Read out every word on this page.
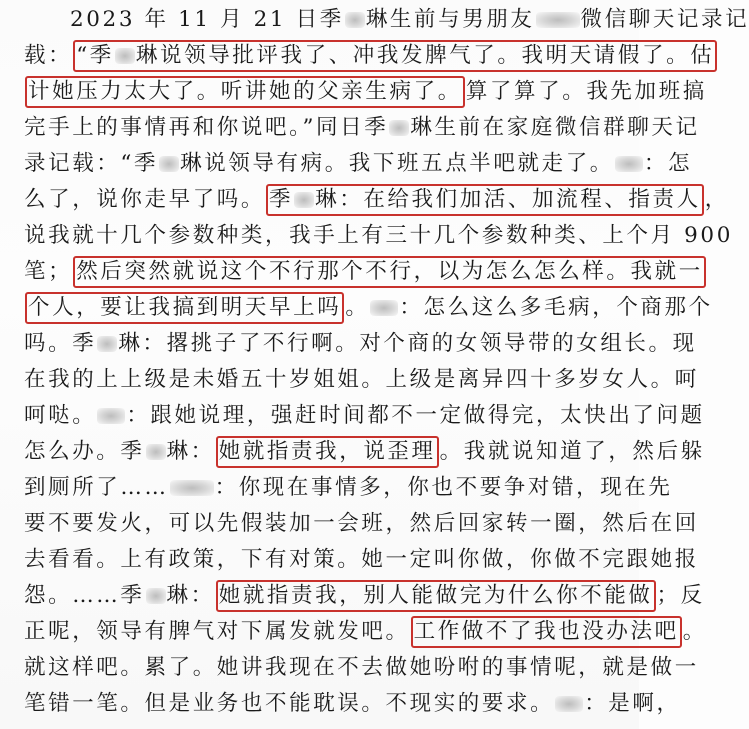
2023 年 11 月 21 日季 琳生前与男朋友 微信聊天记录记
载： “季 琳说领导批评我了、冲我发脾气了。我明天请假了。估
计她压力太大了。听讲她的父亲生病了。 算了算了。我先加班搞
完手上的事情再和你说吧。”同日季 琳生前在家庭微信群聊天记
录记载：“季 琳说领导有病。我下班五点半吧就走了。 ：怎
么了，说你走早了吗。 季 琳：在给我们加活、加流程、指责人 ，
说我就十几个参数种类，我手上有三十几个参数种类、上个月 900
笔； 然后突然就说这个不行那个不行，以为怎么怎么样。我就一
个人，要让我搞到明天早上吗 。 ：怎么这么多毛病，个商那个
吗。季 琳：撂挑子了不行啊。对个商的女领导带的女组长。现
在我的上上级是未婚五十岁姐姐。上级是离异四十多岁女人。呵
呵哒。 ：跟她说理，强赶时间都不一定做得完，太快出了问题
怎么办。季 琳： 她就指责我，说歪理 。我就说知道了，然后躲
到厕所了…… ：你现在事情多，你也不要争对错，现在先
要不要发火，可以先假装加一会班，然后回家转一圈，然后在回
去看看。上有政策，下有对策。她一定叫你做，你做不完跟她报
怨。……季 琳： 她就指责我，别人能做完为什么你不能做 ；反
正呢，领导有脾气对下属发就发吧。 工作做不了我也没办法吧 。
就这样吧。累了。她讲我现在不去做她吩咐的事情呢，就是做一
笔错一笔。但是业务也不能耽误。不现实的要求。 ：是啊，
